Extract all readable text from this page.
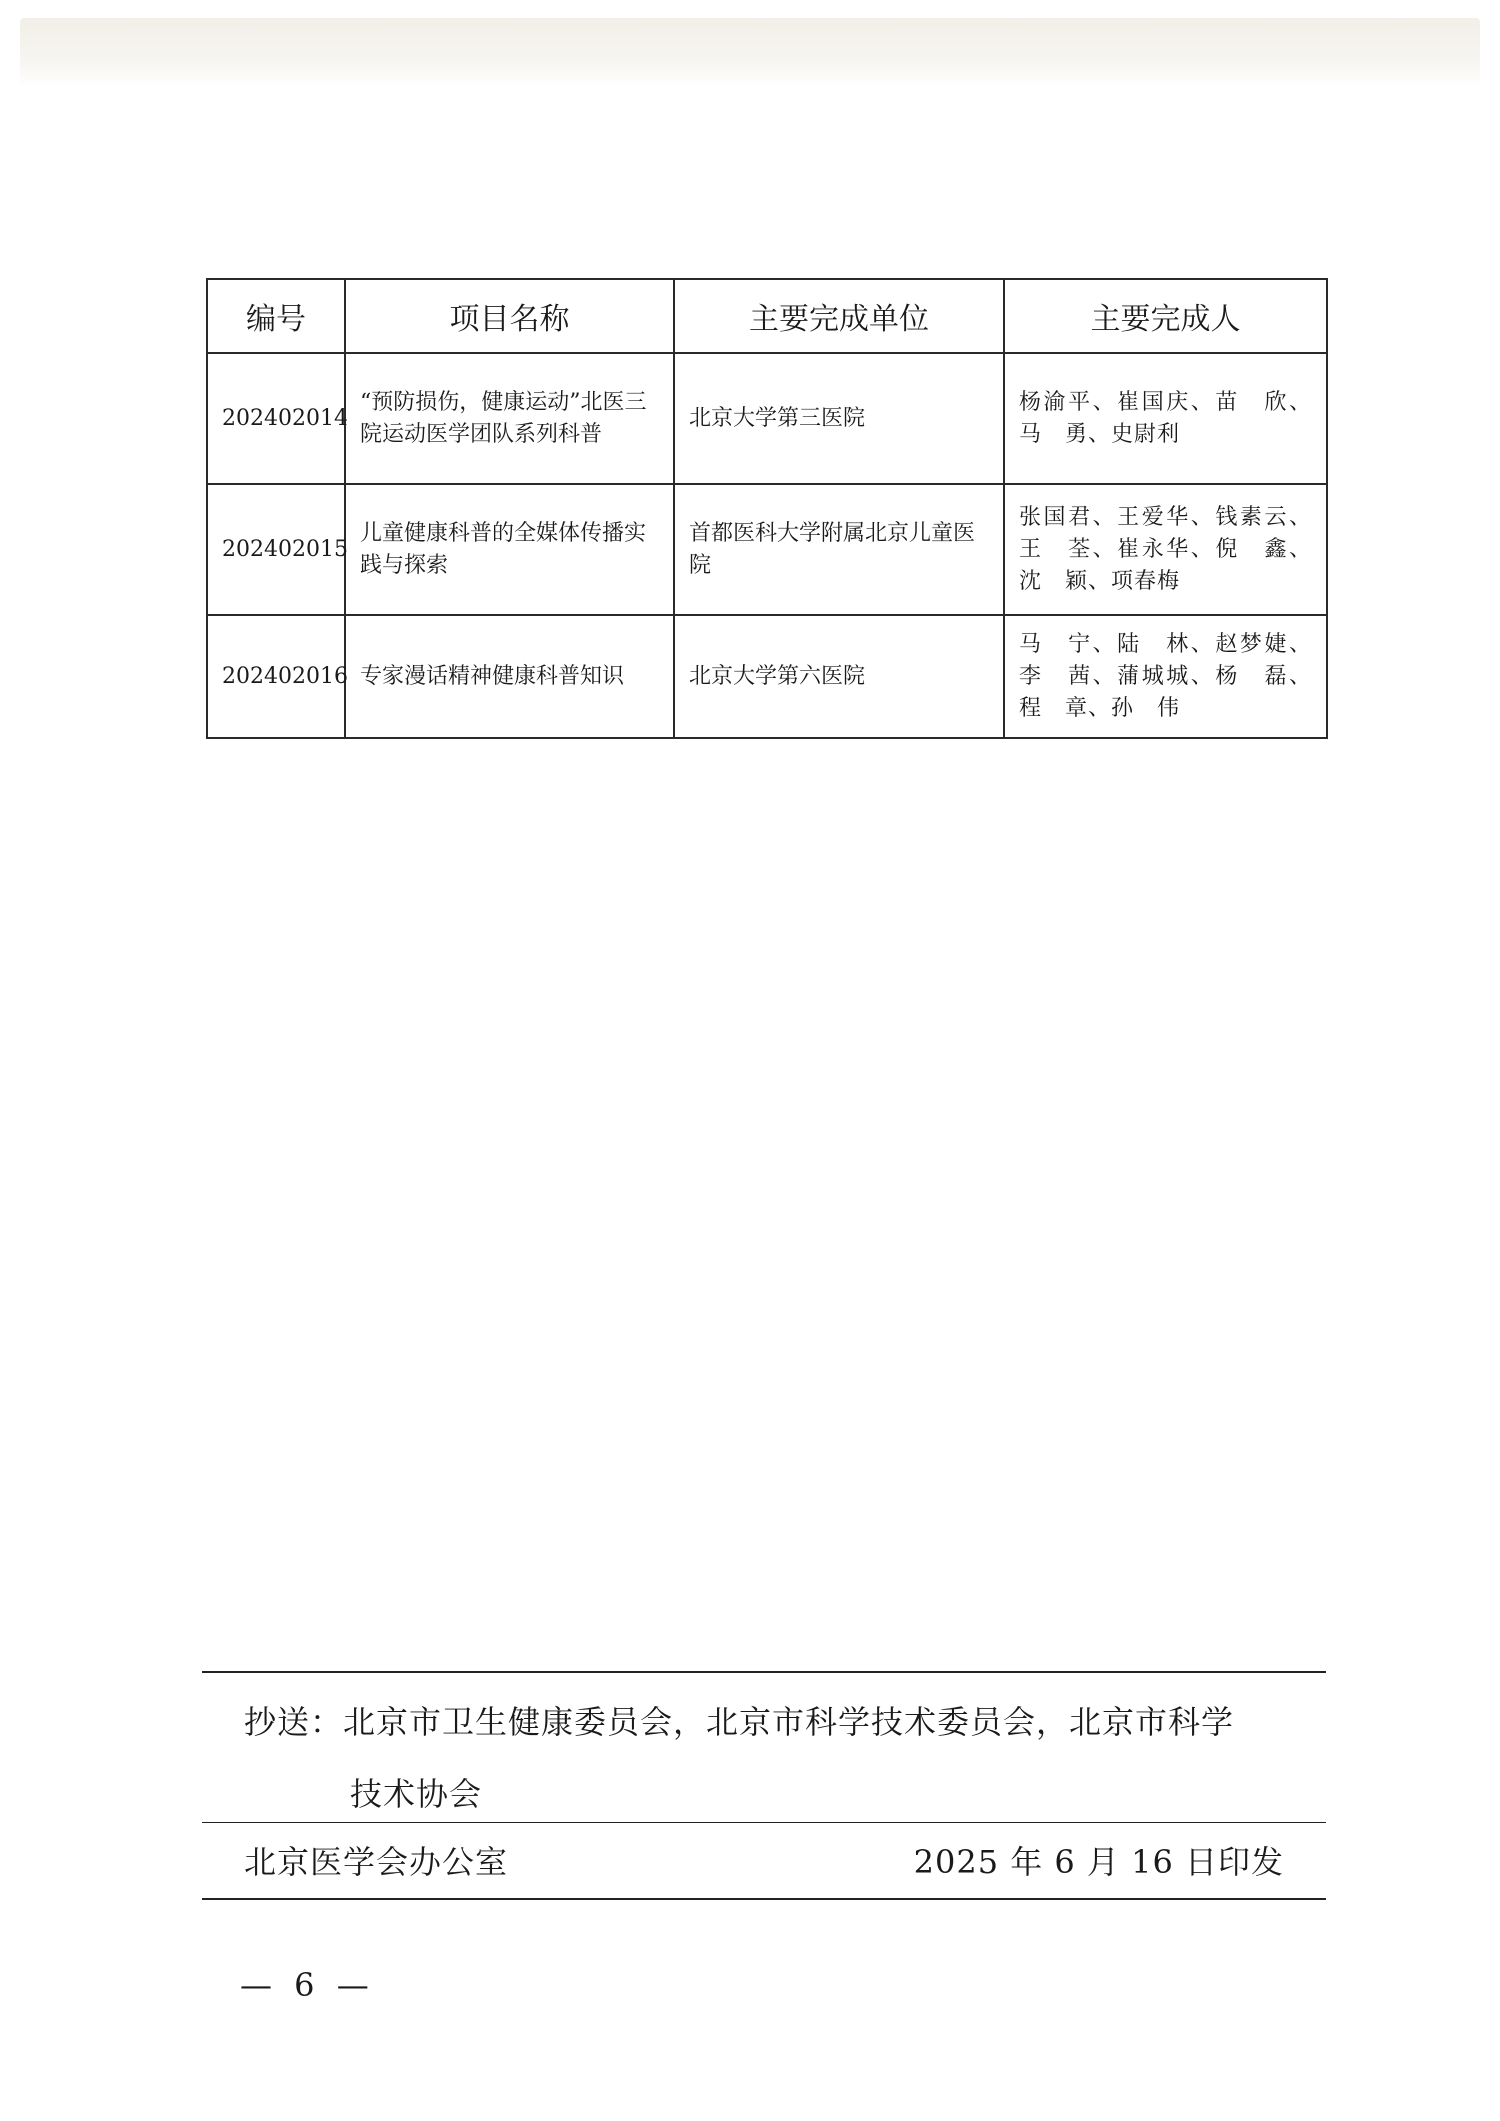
编号	项目名称	主要完成单位	主要完成人
202402014	“预防损伤，健康运动”北医三院运动医学团队系列科普	北京大学第三医院	杨渝平、崔国庆、苗　欣、马　勇、史尉利
202402015	儿童健康科普的全媒体传播实践与探索	首都医科大学附属北京儿童医院	张国君、王爱华、钱素云、王　荃、崔永华、倪　鑫、沈　颖、项春梅
202402016	专家漫话精神健康科普知识	北京大学第六医院	马　宁、陆　林、赵梦婕、李　茜、蒲城城、杨　磊、程　章、孙　伟
抄送：北京市卫生健康委员会，北京市科学技术委员会，北京市科学
技术协会
北京医学会办公室	2025 年 6 月 16 日印发
— 6 —
